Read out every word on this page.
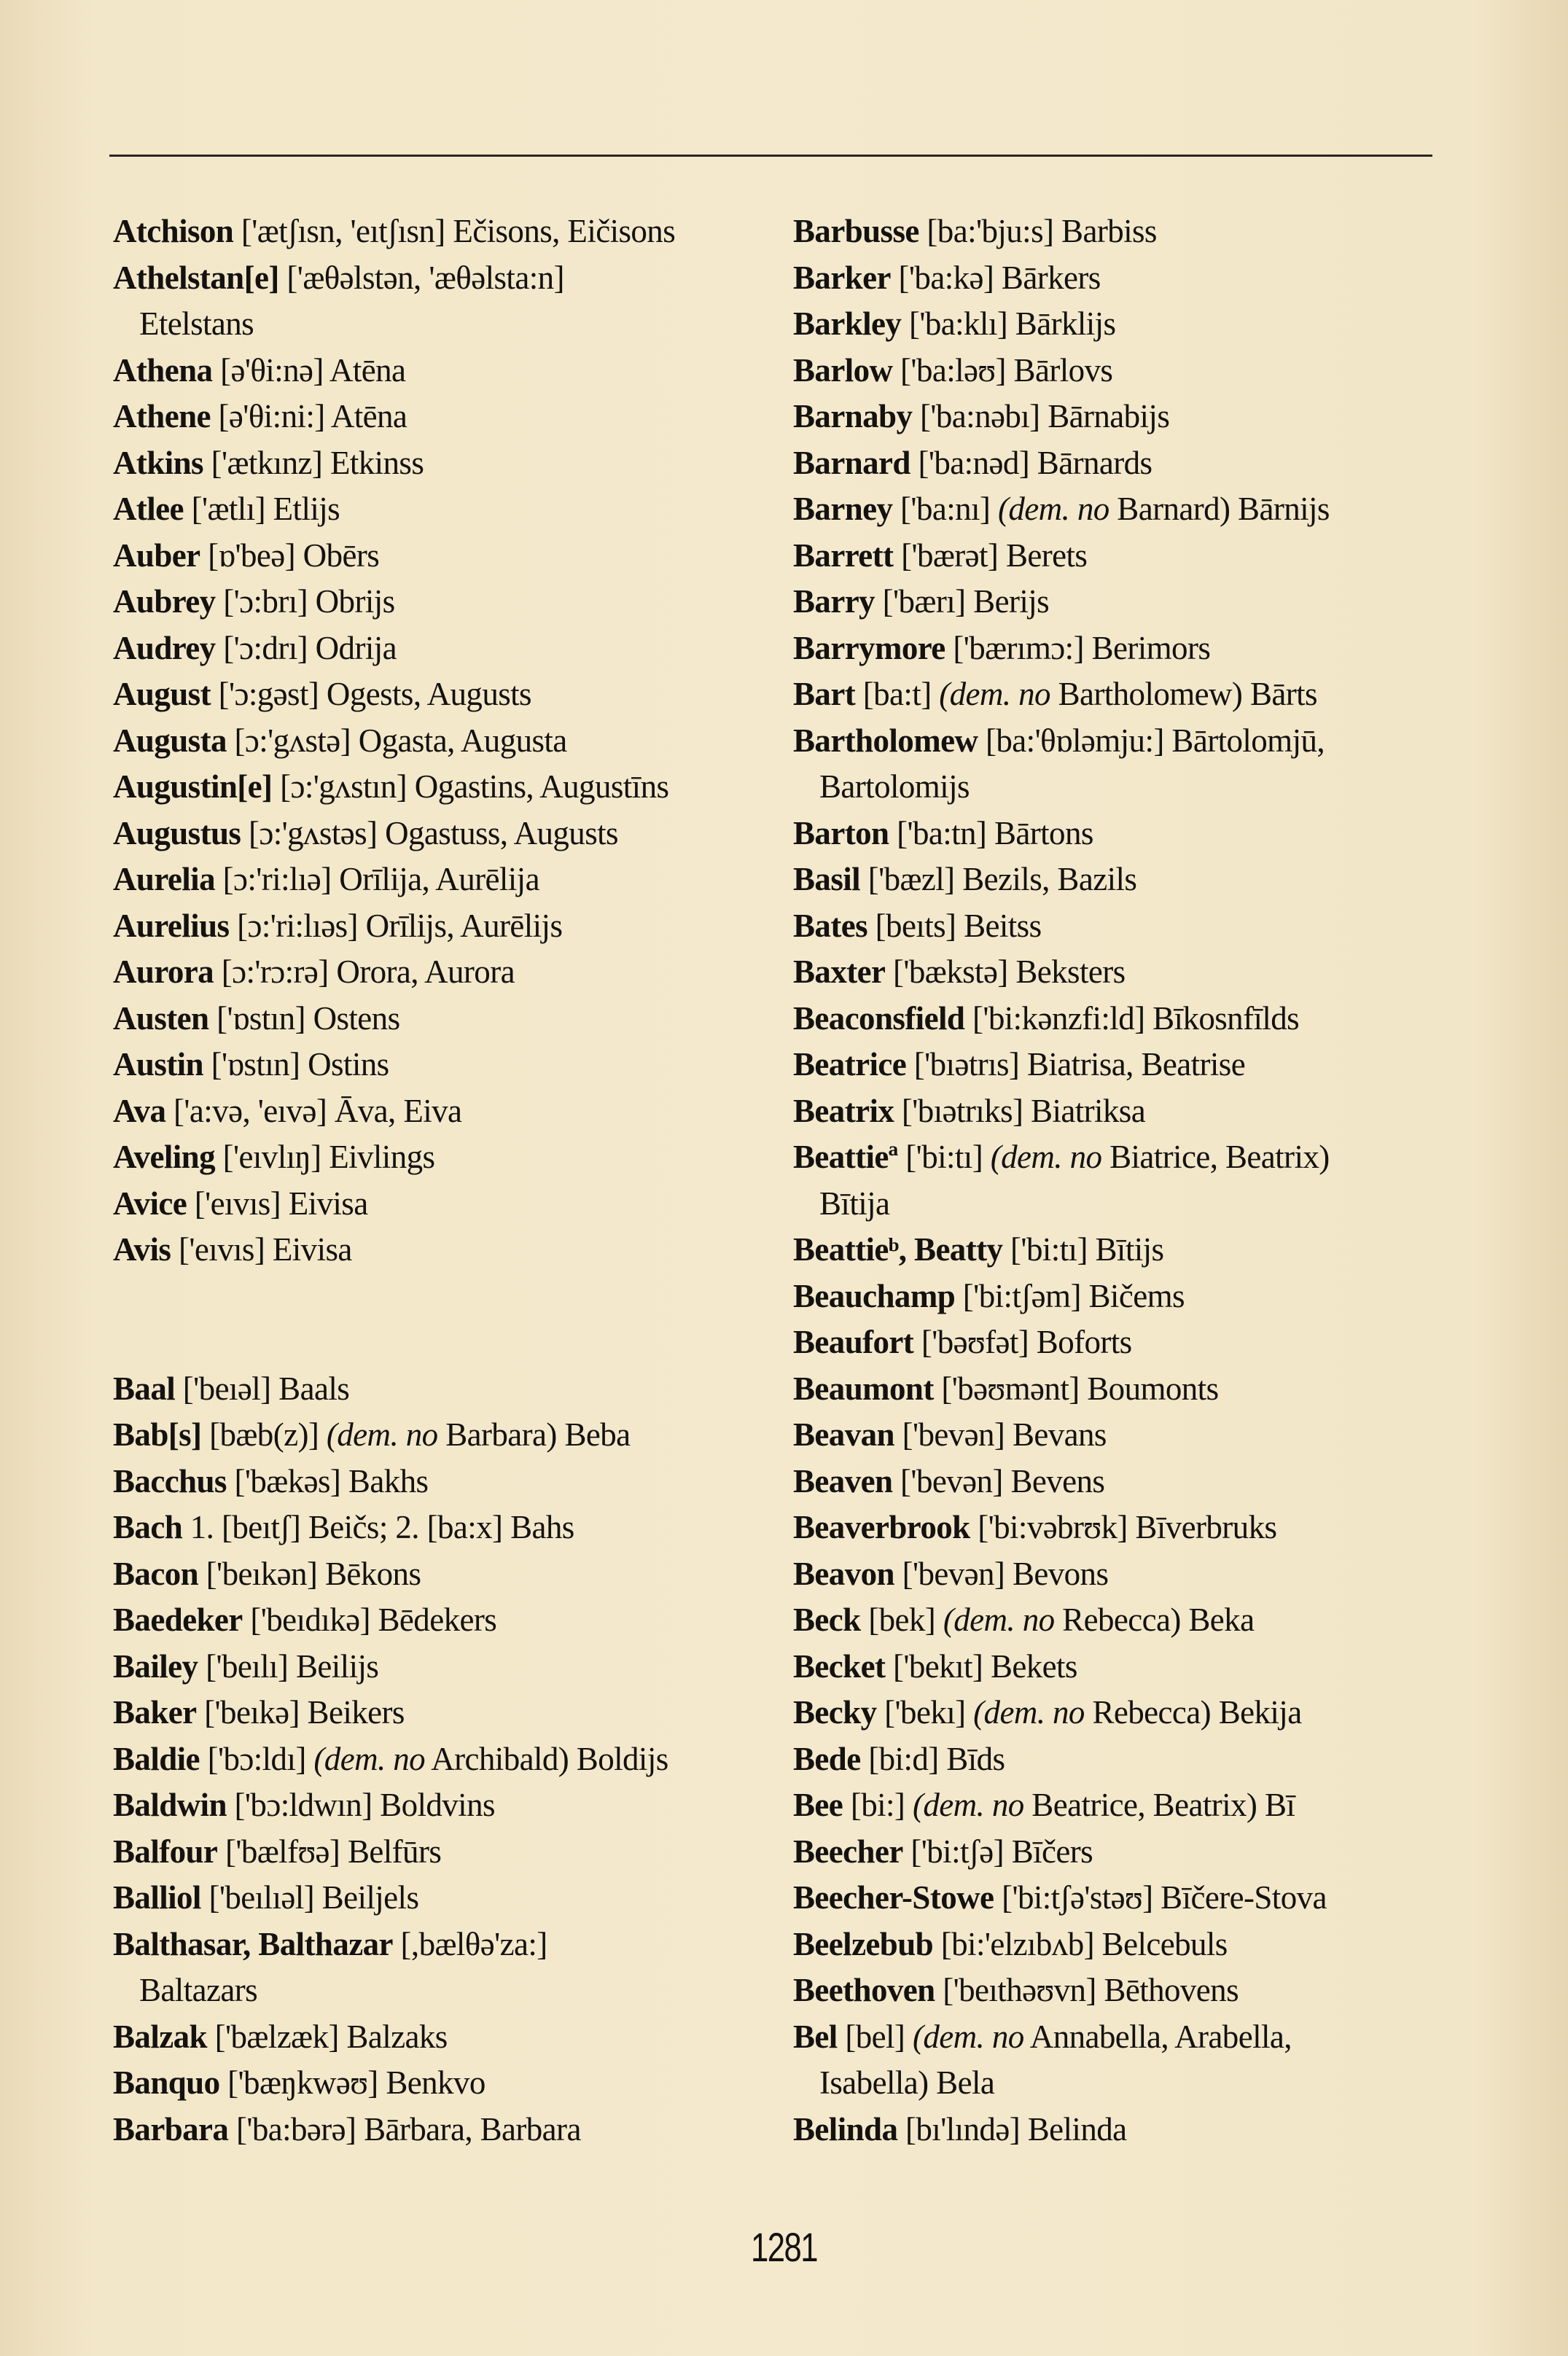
Atchison ['ætʃısn, 'eıtʃısn] Ečisons, Eičisons
Athelstan[e] ['æθəlstən, 'æθəlsta:n]
Etelstans
Athena [ə'θi:nə] Atēna
Athene [ə'θi:ni:] Atēna
Atkins ['ætkınz] Etkinss
Atlee ['ætlı] Etlijs
Auber [ɒ'beə] Obērs
Aubrey ['ɔ:brı] Obrijs
Audrey ['ɔ:drı] Odrija
August ['ɔ:gəst] Ogests, Augusts
Augusta [ɔ:'gʌstə] Ogasta, Augusta
Augustin[e] [ɔ:'gʌstın] Ogastins, Augustīns
Augustus [ɔ:'gʌstəs] Ogastuss, Augusts
Aurelia [ɔ:'ri:lıə] Orīlija, Aurēlija
Aurelius [ɔ:'ri:lıəs] Orīlijs, Aurēlijs
Aurora [ɔ:'rɔ:rə] Orora, Aurora
Austen ['ɒstın] Ostens
Austin ['ɒstın] Ostins
Ava ['a:və, 'eıvə] Āva, Eiva
Aveling ['eıvlıŋ] Eivlings
Avice ['eıvıs] Eivisa
Avis ['eıvıs] Eivisa
Baal ['beıəl] Baals
Bab[s] [bæb(z)] (dem. no Barbara) Beba
Bacchus ['bækəs] Bakhs
Bach 1. [beıtʃ] Beičs; 2. [ba:x] Bahs
Bacon ['beıkən] Bēkons
Baedeker ['beıdıkə] Bēdekers
Bailey ['beılı] Beilijs
Baker ['beıkə] Beikers
Baldie ['bɔ:ldı] (dem. no Archibald) Boldijs
Baldwin ['bɔ:ldwın] Boldvins
Balfour ['bælfʊə] Belfūrs
Balliol ['beılıəl] Beiljels
Balthasar, Balthazar [,bælθə'za:]
Baltazars
Balzak ['bælzæk] Balzaks
Banquo ['bæŋkwəʊ] Benkvo
Barbara ['ba:bərə] Bārbara, Barbara
Barbusse [ba:'bju:s] Barbiss
Barker ['ba:kə] Bārkers
Barkley ['ba:klı] Bārklijs
Barlow ['ba:ləʊ] Bārlovs
Barnaby ['ba:nəbı] Bārnabijs
Barnard ['ba:nəd] Bārnards
Barney ['ba:nı] (dem. no Barnard) Bārnijs
Barrett ['bærət] Berets
Barry ['bærı] Berijs
Barrymore ['bærımɔ:] Berimors
Bart [ba:t] (dem. no Bartholomew) Bārts
Bartholomew [ba:'θɒləmju:] Bārtolomjū,
Bartolomijs
Barton ['ba:tn] Bārtons
Basil ['bæzl] Bezils, Bazils
Bates [beıts] Beitss
Baxter ['bækstə] Beksters
Beaconsfield ['bi:kənzfi:ld] Bīkosnfīlds
Beatrice ['bıətrıs] Biatrisa, Beatrise
Beatrix ['bıətrıks] Biatriksa
Beattieª ['bi:tı] (dem. no Biatrice, Beatrix)
Bītija
Beattieᵇ, Beatty ['bi:tı] Bītijs
Beauchamp ['bi:tʃəm] Bičems
Beaufort ['bəʊfət] Boforts
Beaumont ['bəʊmənt] Boumonts
Beavan ['bevən] Bevans
Beaven ['bevən] Bevens
Beaverbrook ['bi:vəbrʊk] Bīverbruks
Beavon ['bevən] Bevons
Beck [bek] (dem. no Rebecca) Beka
Becket ['bekıt] Bekets
Becky ['bekı] (dem. no Rebecca) Bekija
Bede [bi:d] Bīds
Bee [bi:] (dem. no Beatrice, Beatrix) Bī
Beecher ['bi:tʃə] Bīčers
Beecher-Stowe ['bi:tʃə'stəʊ] Bīčere-Stova
Beelzebub [bi:'elzıbʌb] Belcebuls
Beethoven ['beıthəʊvn] Bēthovens
Bel [bel] (dem. no Annabella, Arabella,
Isabella) Bela
Belinda [bı'lındə] Belinda
1281
